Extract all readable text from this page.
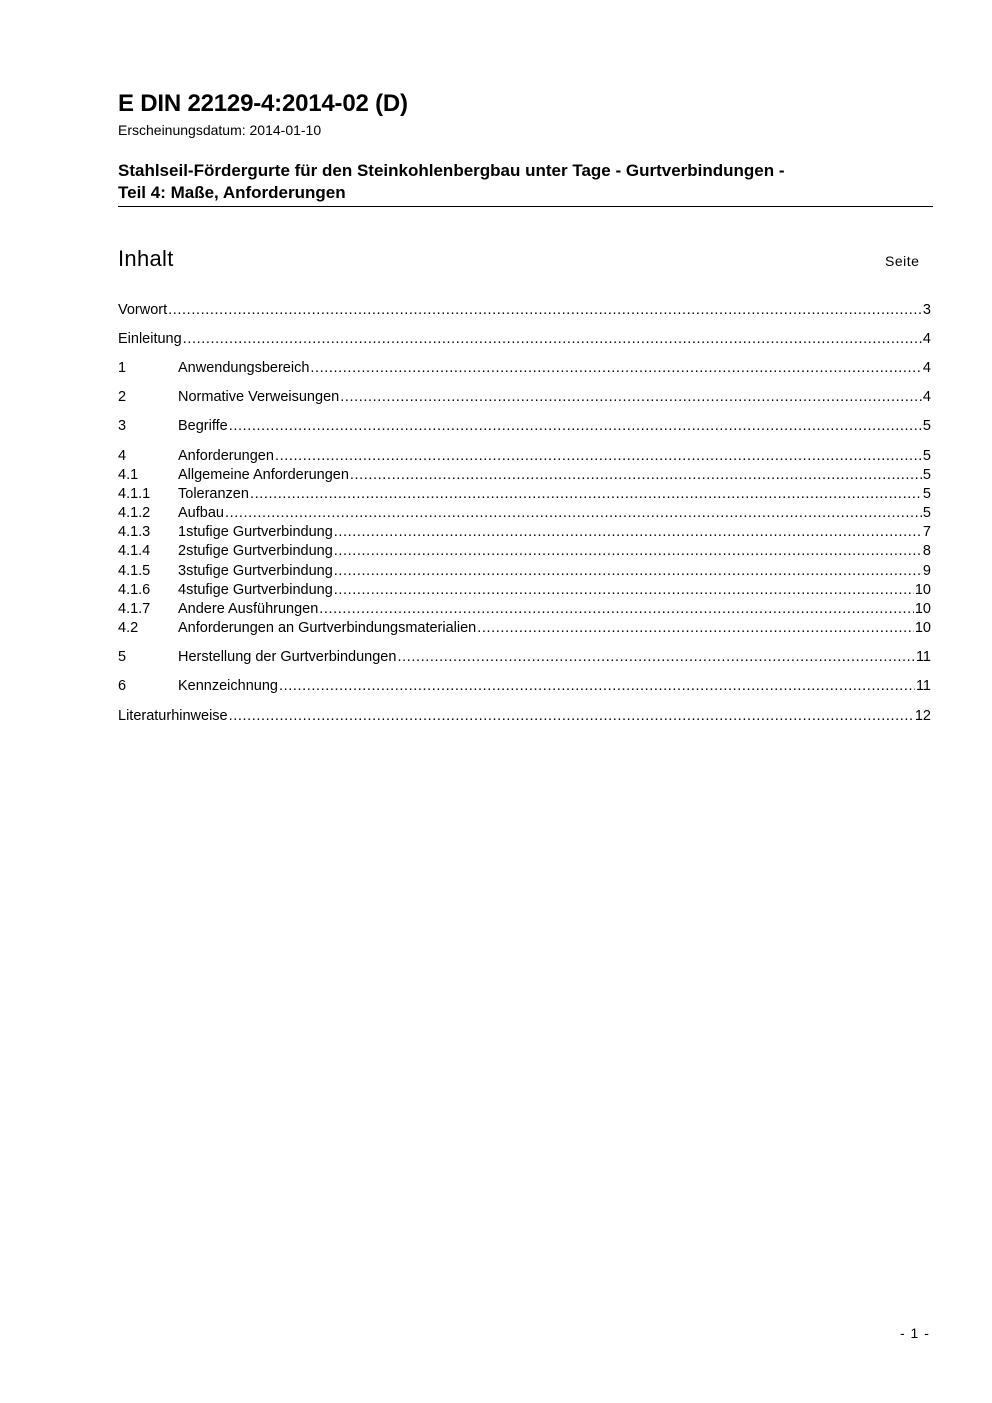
E DIN 22129-4:2014-02 (D)
Erscheinungsdatum: 2014-01-10
Stahlseil-Fördergurte für den Steinkohlenbergbau unter Tage - Gurtverbindungen -
Teil 4: Maße, Anforderungen
Inhalt	Seite
Vorwort .....	3
Einleitung .....	4
1	Anwendungsbereich .....	4
2	Normative Verweisungen .....	4
3	Begriffe .....	5
4	Anforderungen .....	5
4.1	Allgemeine Anforderungen .....	5
4.1.1	Toleranzen .....	5
4.1.2	Aufbau .....	5
4.1.3	1stufige Gurtverbindung .....	7
4.1.4	2stufige Gurtverbindung .....	8
4.1.5	3stufige Gurtverbindung .....	9
4.1.6	4stufige Gurtverbindung .....	10
4.1.7	Andere Ausführungen .....	10
4.2	Anforderungen an Gurtverbindungsmaterialien .....	10
5	Herstellung der Gurtverbindungen .....	11
6	Kennzeichnung .....	11
Literaturhinweise .....	12
- 1 -
